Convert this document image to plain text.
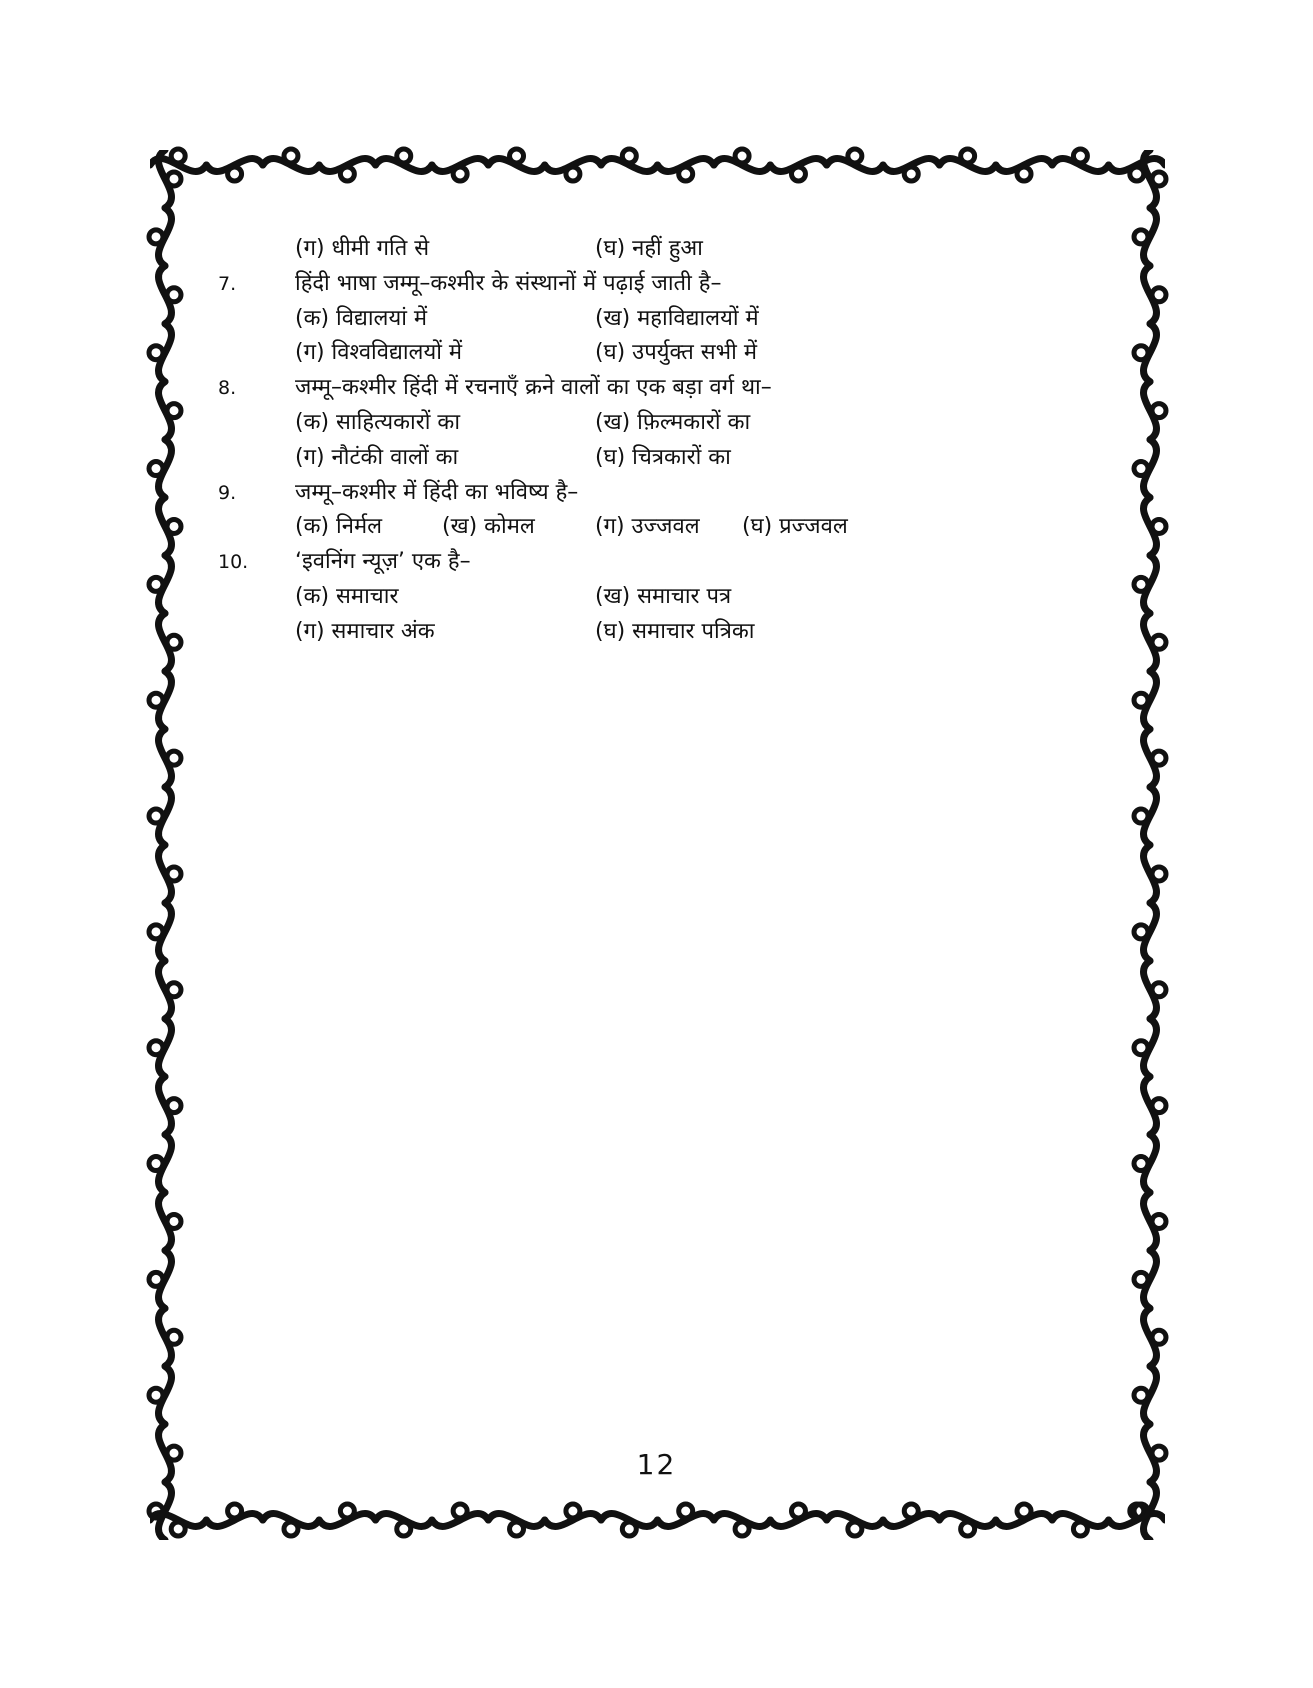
(ग) धीमी गति से	(घ) नहीं हुआ
7.	हिंदी भाषा जम्मू–कश्मीर के संस्थानों में पढ़ाई जाती है–
(क) विद्यालयां में	(ख) महाविद्यालयों में
(ग) विश्वविद्यालयों में	(घ) उपर्युक्त सभी में
8.	जम्मू–कश्मीर हिंदी में रचनाएँ क्रने वालों का एक बड़ा वर्ग था–
(क) साहित्यकारों का	(ख) फ़िल्मकारों का
(ग) नौटंकी वालों का	(घ) चित्रकारों का
9.	जम्मू–कश्मीर में हिंदी का भविष्य है–
(क) निर्मल	(ख) कोमल	(ग) उज्जवल (घ) प्रज्जवल
10. ‘इवनिंग न्यूज़’ एक है–
(क) समाचार	(ख) समाचार पत्र
(ग) समाचार अंक	(घ) समाचार पत्रिका
12
